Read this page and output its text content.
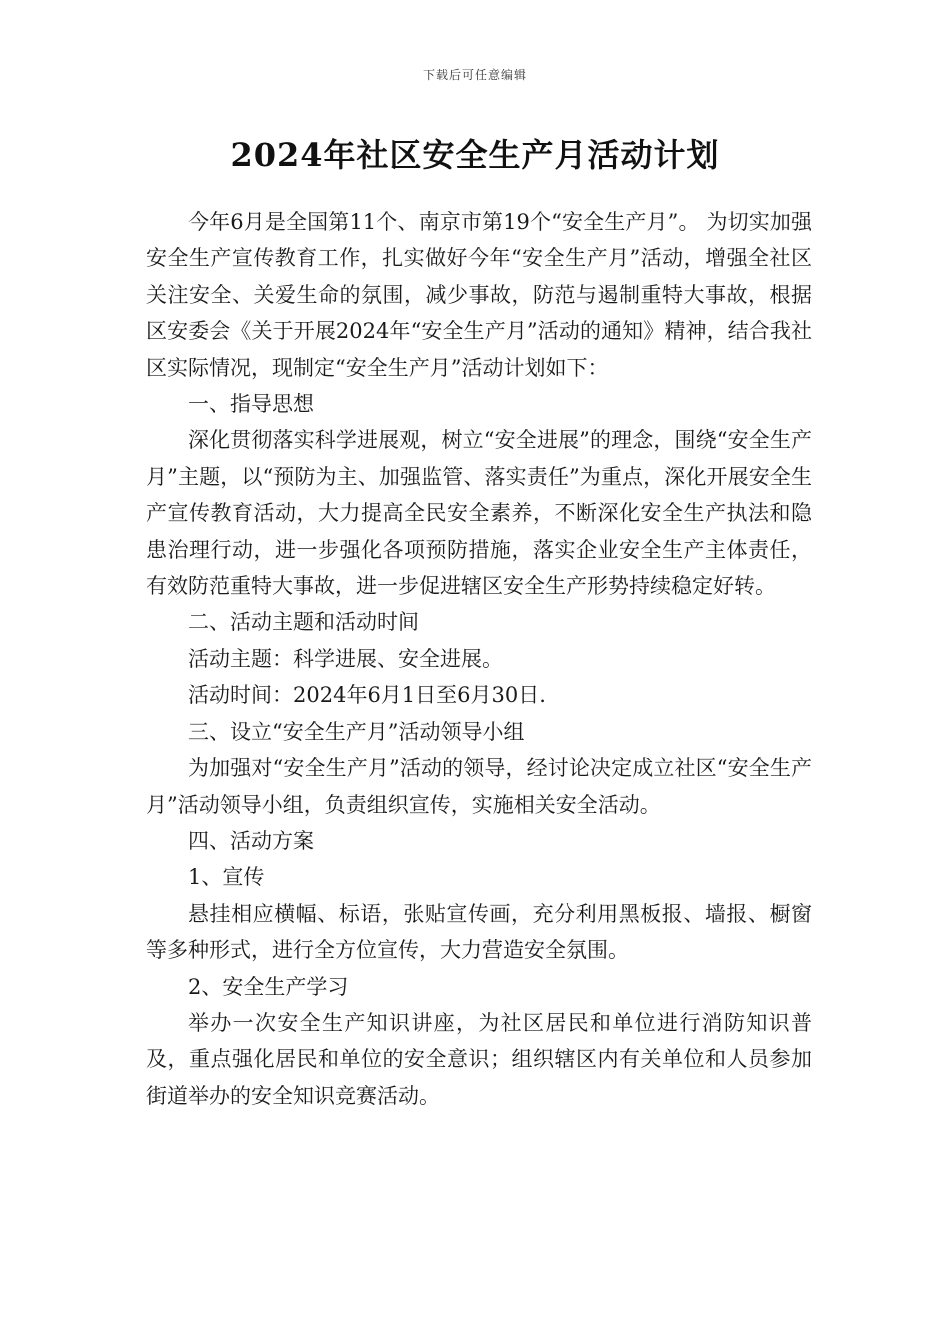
下载后可任意编辑
2024年社区安全生产月活动计划

今年6月是全国第11个、南京市第19个“安全生产月”。 为切实加强安全生产宣传教育工作，扎实做好今年“安全生产月”活动，增强全社区关注安全、关爱生命的氛围，减少事故，防范与遏制重特大事故，根据区安委会《关于开展2024年“安全生产月”活动的通知》精神，结合我社区实际情况，现制定“安全生产月”活动计划如下：

一、指导思想

深化贯彻落实科学进展观，树立“安全进展”的理念，围绕“安全生产月”主题，以“预防为主、加强监管、落实责任”为重点，深化开展安全生产宣传教育活动，大力提高全民安全素养，不断深化安全生产执法和隐患治理行动，进一步强化各项预防措施，落实企业安全生产主体责任，有效防范重特大事故，进一步促进辖区安全生产形势持续稳定好转。

二、活动主题和活动时间

活动主题：科学进展、安全进展。

活动时间：2024年6月1日至6月30日.

三、设立“安全生产月”活动领导小组

为加强对“安全生产月”活动的领导，经讨论决定成立社区“安全生产月”活动领导小组，负责组织宣传，实施相关安全活动。

四、活动方案

1、宣传

悬挂相应横幅、标语，张贴宣传画，充分利用黑板报、墙报、橱窗等多种形式，进行全方位宣传，大力营造安全氛围。

2、安全生产学习

举办一次安全生产知识讲座，为社区居民和单位进行消防知识普及，重点强化居民和单位的安全意识；组织辖区内有关单位和人员参加街道举办的安全知识竞赛活动。
